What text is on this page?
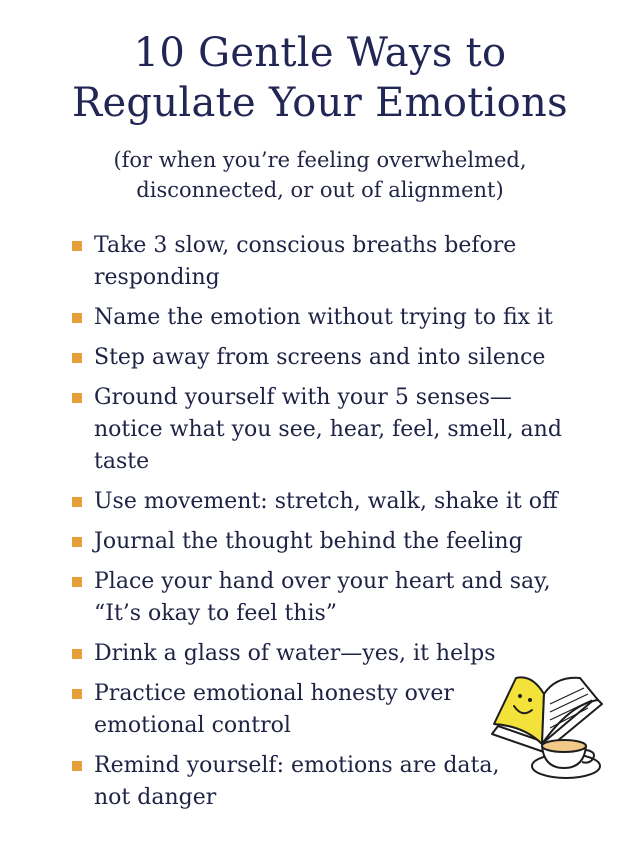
10 Gentle Ways to
Regulate Your Emotions
(for when you’re feeling overwhelmed,
disconnected, or out of alignment)
Take 3 slow, conscious breaths before
responding
Name the emotion without trying to fix it
Step away from screens and into silence
Ground yourself with your 5 senses—
notice what you see, hear, feel, smell, and
taste
Use movement: stretch, walk, shake it off
Journal the thought behind the feeling
Place your hand over your heart and say,
“It’s okay to feel this”
Drink a glass of water—yes, it helps
Practice emotional honesty over
emotional control
Remind yourself: emotions are data,
not danger
